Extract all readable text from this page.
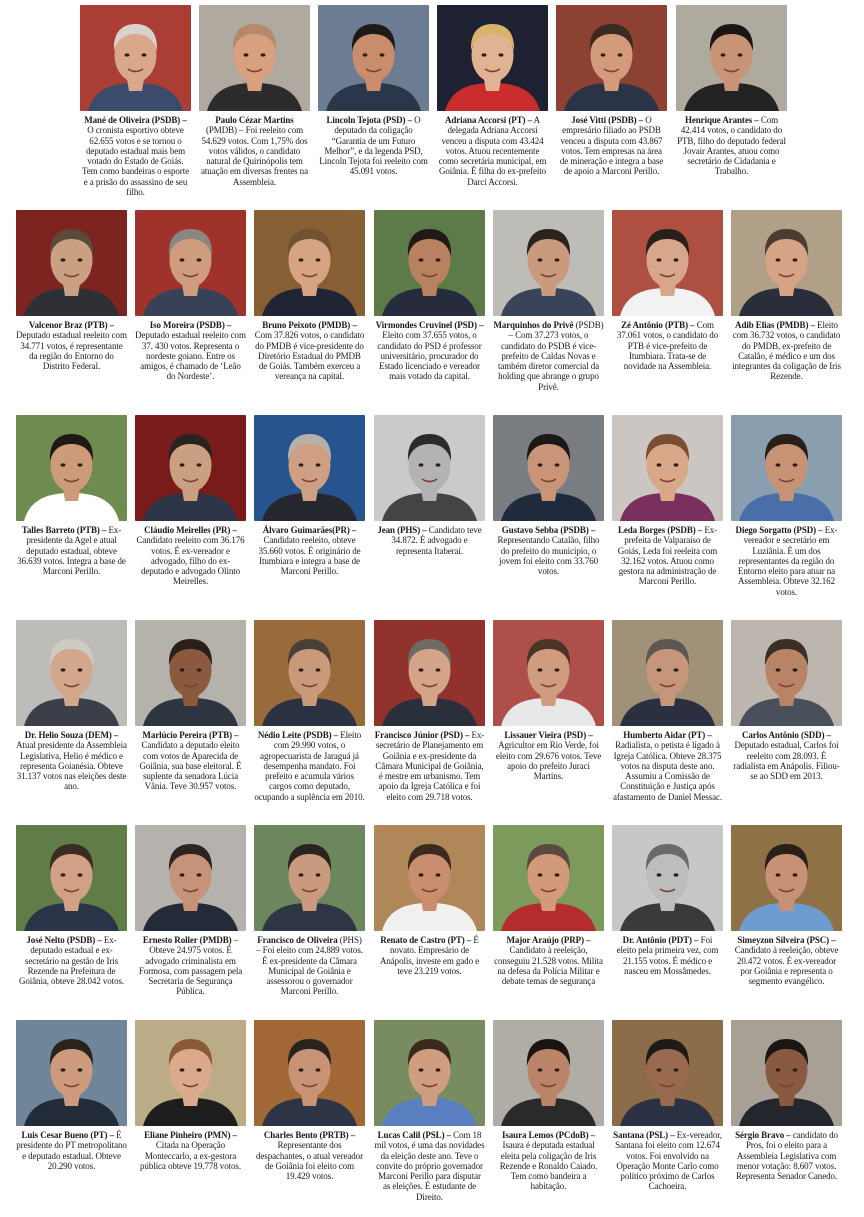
Mané de Oliveira (PSDB) – O cronista esportivo obteve 62.655 votos e se tornou o deputado estadual mais bem votado do Estado de Goiás. Tem como bandeiras o esporte e a prisão do assassino de seu filho.
Paulo Cézar Martins (PMDB) – Foi reeleito com 54.629 votos. Com 1,75% dos votos válidos, o candidato natural de Quirinópolis tem atuação em diversas frentes na Assembleia.
Lincoln Tejota (PSD) – O deputado da coligação “Garantia de um Futuro Melhor”, e da legenda PSD, Lincoln Tejota foi reeleito com 45.091 votos.
Adriana Accorsi (PT) – A delegada Adriana Accorsi venceu a disputa com 43.424 votos. Atuou recentemente como secretária municipal, em Goiânia. É filha do ex-prefeito Darci Accorsi.
José Vitti (PSDB) – O empresário filiado ao PSDB venceu a disputa com 43.867 votos. Tem empresas na área de mineração e integra a base de apoio a Marconi Perillo.
Henrique Arantes – Com 42.414 votos, o candidato do PTB, filho do deputado federal Jovair Arantes, atuou como secretário de Cidadania e Trabalho.
Valcenor Braz (PTB) – Deputado estadual reeleito com 34.771 votos, é representante da região do Entorno do Distrito Federal.
Iso Moreira (PSDB) – Deputado estadual reeleito com 37. 430 votos. Representa o nordeste goiano. Entre os amigos, é chamado de ‘Leão do Nordeste’.
Bruno Peixoto (PMDB) – Com 37.826 votos, o candidato do PMDB é vice-presidente do Diretório Estadual do PMDB de Goiás. Também exerceu a vereança na capital.
Virmondes Cruvinel (PSD) – Eleito com 37.655 votos, o candidato do PSD é professor universitário, procurador do Estado licenciado e vereador mais votado da capital.
Marquinhos do Privê (PSDB) – Com 37.273 votos, o candidato do PSDB é vice-prefeito de Caldas Novas e também diretor comercial da holding que abrange o grupo Privê.
Zé Antônio (PTB) – Com 37.061 votos, o candidato do PTB é vice-prefeito de Itumbiara. Trata-se de novidade na Assembleia.
Adib Elias (PMDB) – Eleito com 36.732 votos, o candidato do PMDB, ex-prefeito de Catalão, é médico e um dos integrantes da coligação de Iris Rezende.
Talles Barreto (PTB) – Ex-presidente da Agel e atual deputado estadual, obteve 36.639 votos. Integra a base de Marconi Perillo.
Cláudio Meirelles (PR) – Candidato reeleito com 36.176 votos. É ex-vereador e advogado, filho do ex-deputado e advogado Olinto Meirelles.
Álvaro Guimarães(PR) – Candidato reeleito, obteve 35.660 votos. É originário de Itumbiara e integra a base de Marconi Perillo.
Jean (PHS) – Candidato teve 34.872. É advogado e representa Itaberaí.
Gustavo Sebba (PSDB) – Representando Catalão, filho do prefeito do município, o jovem foi eleito com 33.760 votos.
Leda Borges (PSDB) – Ex-prefeita de Valparaíso de Goiás, Leda foi reeleita com 32.162 votos. Atuou como gestora na administração de Marconi Perillo.
Diego Sorgatto (PSD) – Ex-vereador e secretário em Luziânia. É um dos representantes da região do Entorno eleito para atuar na Assembleia. Obteve 32.162 votos.
Dr. Helio Souza (DEM) – Atual presidente da Assembleia Legislativa, Helio é médico e representa Goianésia. Obteve 31.137 votos nas eleições deste ano.
Marlúcio Pereira (PTB) – Candidato a deputado eleito com votos de Aparecida de Goiânia, sua base eleitoral. É suplente da senadora Lúcia Vânia. Teve 30.957 votos.
Nédio Leite (PSDB) – Eleito com 29.990 votos, o agropecuarista de Jaraguá já desempenha mandato. Foi prefeito e acumula vários cargos como deputado, ocupando a suplência em 2010.
Francisco Júnior (PSD) – Ex-secretário de Planejamento em Goiânia e ex-presidente da Câmara Municipal de Goiânia, é mestre em urbanismo. Tem apoio da Igreja Católica e foi eleito com 29.718 votos.
Lissauer Vieira (PSD) – Agricultor em Rio Verde, foi eleito com 29.676 votos. Teve apoio do prefeito Juraci Martins.
Humberto Aidar (PT) – Radialista, o petista é ligado à Igreja Católica. Obteve 28.375 votos na disputa deste ano. Assumiu a Comissão de Constituição e Justiça após afastamento de Daniel Messac.
Carlos Antônio (SDD) – Deputado estadual, Carlos foi reeleito com 28.093. É radialista em Anápolis. Filiou-se ao SDD em 2013.
José Nelto (PSDB) – Ex-deputado estadual e ex-secretário na gestão de Iris Rezende na Prefeitura de Goiânia, obteve 28.042 votos.
Ernesto Roller (PMDB) – Obteve 24.975 votos. É advogado criminalista em Formosa, com passagem pela Secretaria de Segurança Pública.
Francisco de Oliveira (PHS) – Foi eleito com 24.889 votos. É ex-presidente da Câmara Municipal de Goiânia e assessorou o governador Marconi Perillo.
Renato de Castro (PT) – É novato. Empresário de Anápolis, investe em gado e teve 23.219 votos.
Major Araújo (PRP) – Candidato à reeleição, conseguiu 21.528 votos. Milita na defesa da Polícia Militar e debate temas de segurança
Dr. Antônio (PDT) – Foi eleito pela primeira vez, com 21.155 votos. É médico e nasceu em Mossâmedes.
Simeyzon Silveira (PSC) – Candidato à reeleição, obteve 20.472 votos. É ex-vereador por Goiânia e representa o segmento evangélico.
Luis Cesar Bueno (PT) – É presidente do PT metropolitano e deputado estadual. Obteve 20.290 votos.
Eliane Pinheiro (PMN) – Citada na Operação Monteccarlo, a ex-gestora pública obteve 19.778 votos.
Charles Bento (PRTB) – Representante dos despachantes, o atual vereador de Goiânia foi eleito com 19.429 votos.
Lucas Calil (PSL) – Com 18 mil votos, é uma das novidades da eleição deste ano. Teve o convite do próprio governador Marconi Perillo para disputar as eleições. É estudante de Direito.
Isaura Lemos (PCdoB) – Isaura é deputada estadual eleita pela coligação de Iris Rezende e Ronaldo Caiado. Tem como bandeira a habitação.
Santana (PSL) – Ex-vereador, Santana foi eleito com 12.674 votos. Foi envolvido na Operação Monte Carlo como político próximo de Carlos Cachoeira.
Sérgio Bravo – candidato do Pros, foi o eleito para a Assembleia Legislativa com menor votação: 8.607 votos. Representa Senador Canedo.
